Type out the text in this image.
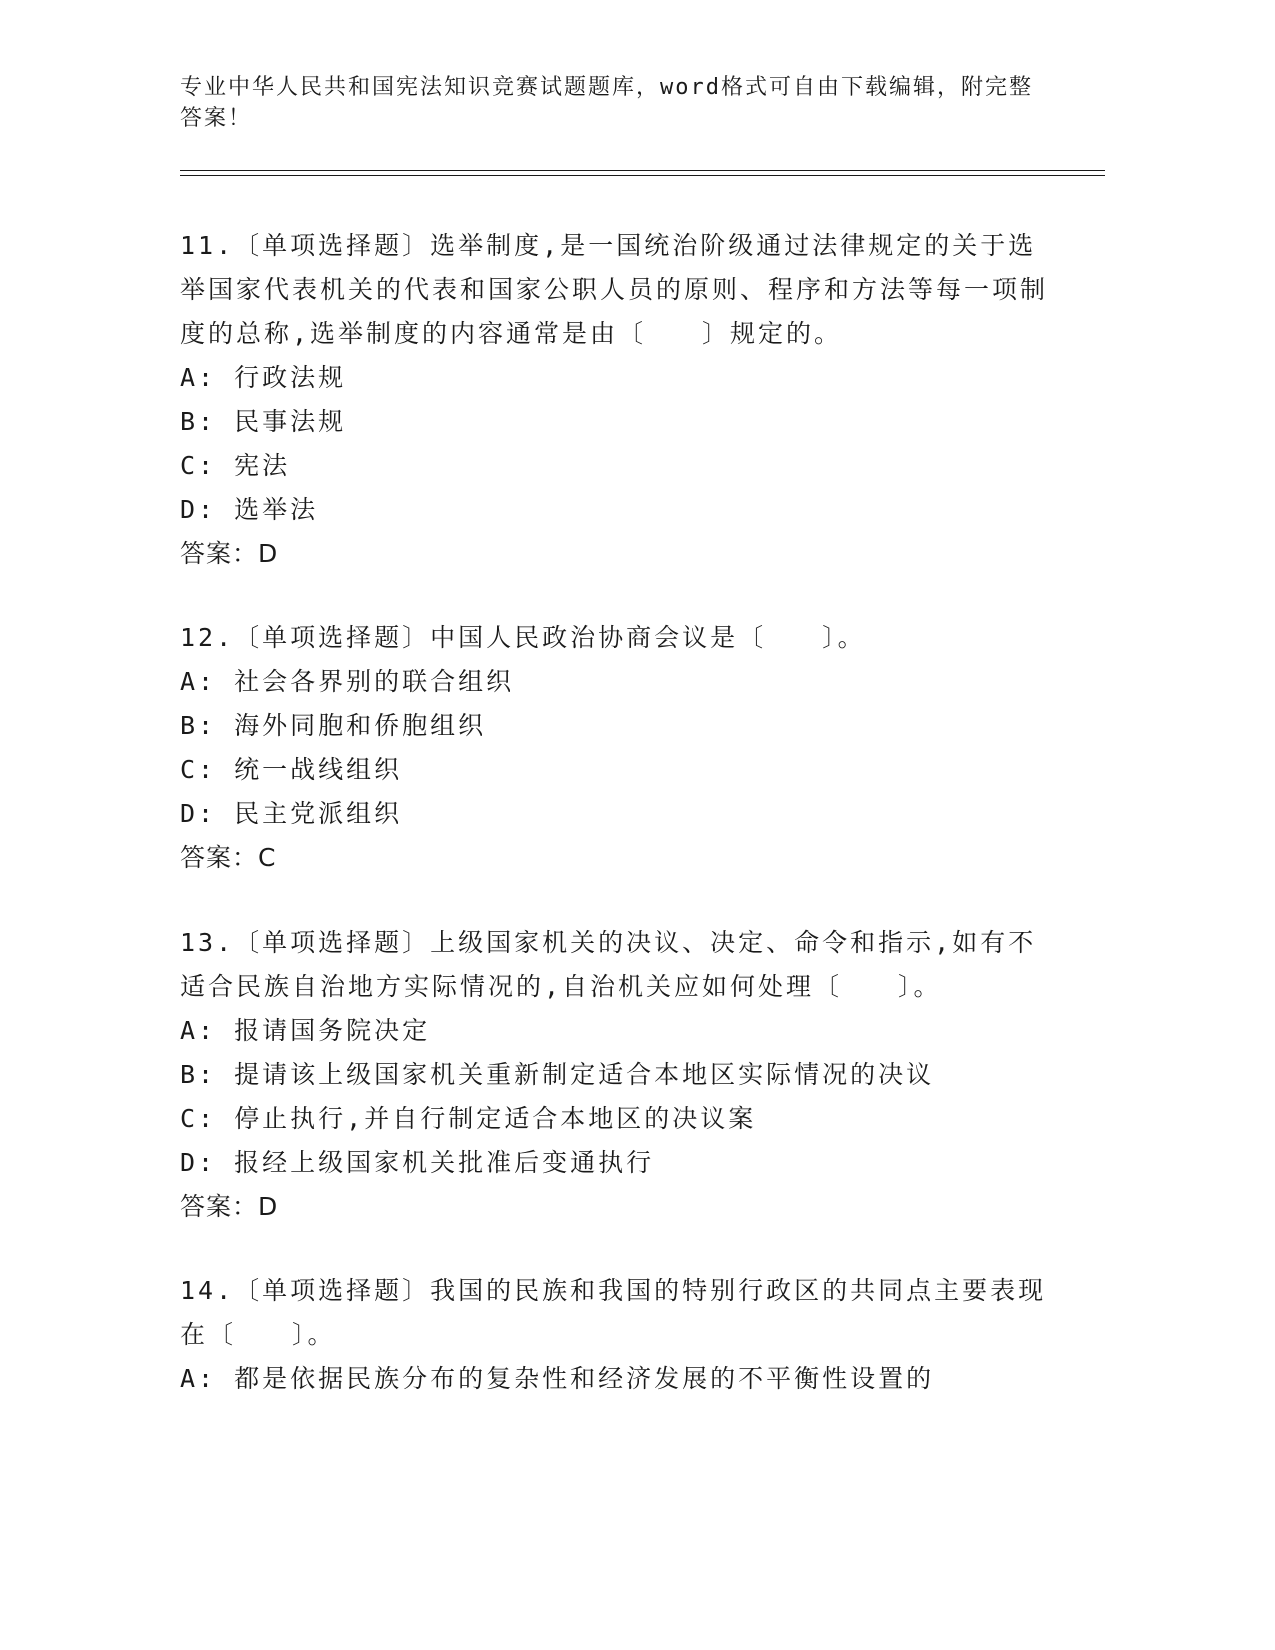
专业中华人民共和国宪法知识竞赛试题题库，word格式可自由下载编辑，附完整答案！
11.〔单项选择题〕选举制度,是一国统治阶级通过法律规定的关于选举国家代表机关的代表和国家公职人员的原则、程序和方法等每一项制度的总称,选举制度的内容通常是由〔　　〕规定的。
A: 行政法规
B: 民事法规
C: 宪法
D: 选举法
答案：D
12.〔单项选择题〕中国人民政治协商会议是〔　　〕。
A: 社会各界别的联合组织
B: 海外同胞和侨胞组织
C: 统一战线组织
D: 民主党派组织
答案：C
13.〔单项选择题〕上级国家机关的决议、决定、命令和指示,如有不适合民族自治地方实际情况的,自治机关应如何处理〔　　〕。
A: 报请国务院决定
B: 提请该上级国家机关重新制定适合本地区实际情况的决议
C: 停止执行,并自行制定适合本地区的决议案
D: 报经上级国家机关批准后变通执行
答案：D
14.〔单项选择题〕我国的民族和我国的特别行政区的共同点主要表现在〔　　〕。
A: 都是依据民族分布的复杂性和经济发展的不平衡性设置的
